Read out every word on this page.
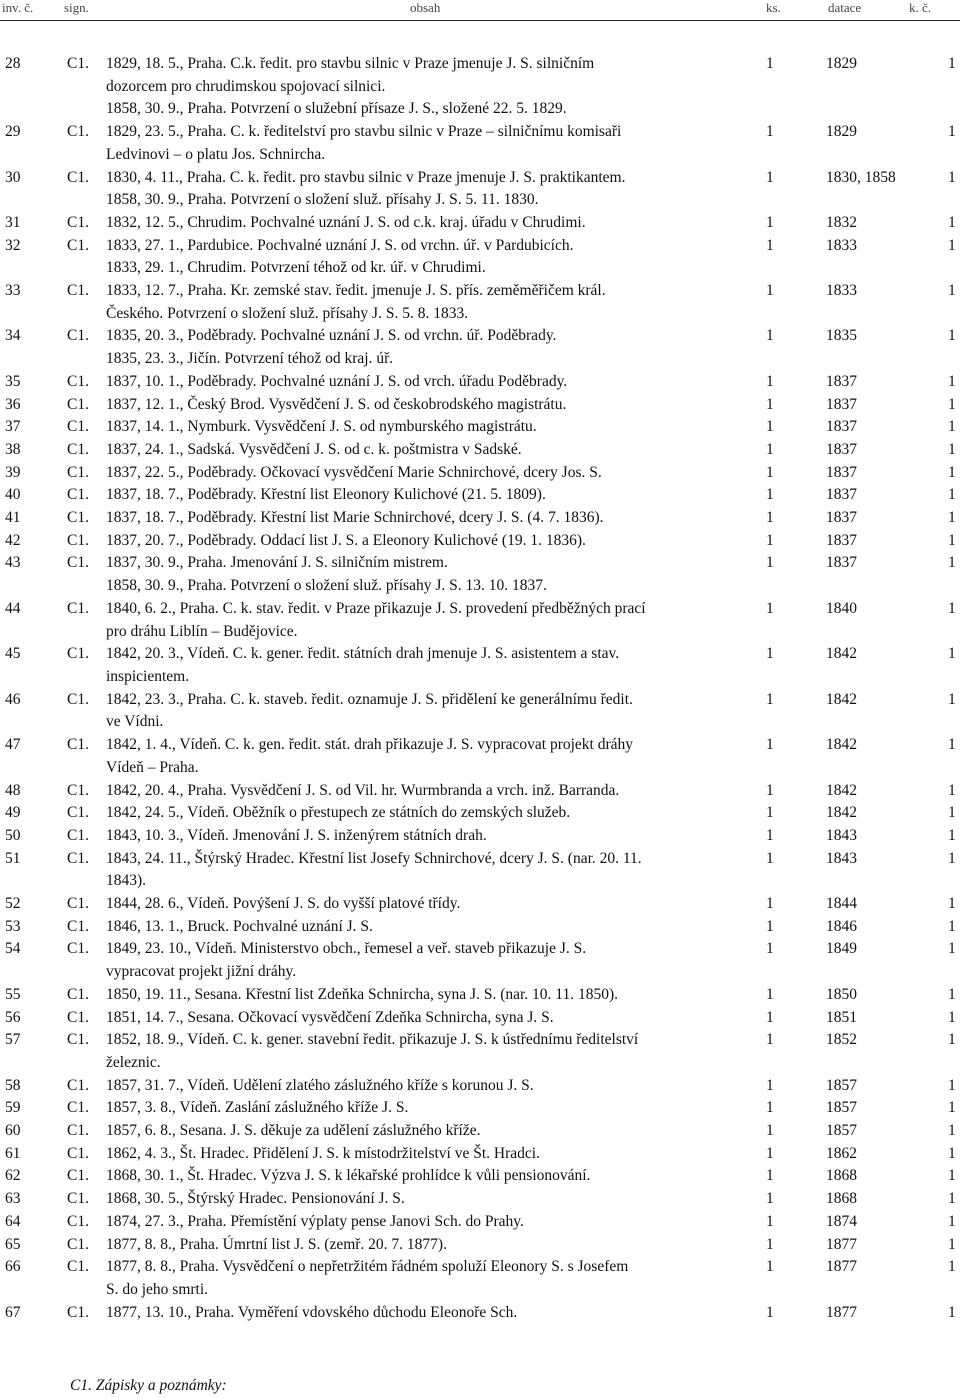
inv. č. sign.	obsah	ks.	datace	k. č.
28	C1. 1829, 18. 5., Praha. C.k. ředit. pro stavbu silnic v Praze jmenuje J. S. silničním
dozorcem pro chrudimskou spojovací silnici.
1858, 30. 9., Praha. Potvrzení o služební přísaze J. S., složené 22. 5. 1829.
1	1829	1
29	C1. 1829, 23. 5., Praha. C. k. ředitelství pro stavbu silnic v Praze – silničnímu komisaři
Ledvinovi – o platu Jos. Schnircha.
1	1829	1
30	C1. 1830, 4. 11., Praha. C. k. ředit. pro stavbu silnic v Praze jmenuje J. S. praktikantem.
1858, 30. 9., Praha. Potvrzení o složení služ. přísahy J. S. 5. 11. 1830.
1	1830, 1858	1
31	C1. 1832, 12. 5., Chrudim. Pochvalné uznání J. S. od c.k. kraj. úřadu v Chrudimi.	1	1832	1
32	C1. 1833, 27. 1., Pardubice. Pochvalné uznání J. S. od vrchn. úř. v Pardubicích.
1833, 29. 1., Chrudim. Potvrzení téhož od kr. úř. v Chrudimi.
1	1833	1
33	C1. 1833, 12. 7., Praha. Kr. zemské stav. ředit. jmenuje J. S. přís. zeměměřičem král.
Českého. Potvrzení o složení služ. přísahy J. S. 5. 8. 1833.
1	1833	1
34	C1. 1835, 20. 3., Poděbrady. Pochvalné uznání J. S. od vrchn. úř. Poděbrady.
1835, 23. 3., Jičín. Potvrzení téhož od kraj. úř.
1	1835	1
35	C1. 1837, 10. 1., Poděbrady. Pochvalné uznání J. S. od vrch. úřadu Poděbrady.	1	1837	1
36	C1. 1837, 12. 1., Český Brod. Vysvědčení J. S. od českobrodského magistrátu.	1	1837	1
37	C1. 1837, 14. 1., Nymburk. Vysvědčení J. S. od nymburského magistrátu.	1	1837	1
38	C1. 1837, 24. 1., Sadská. Vysvědčení J. S. od c. k. poštmistra v Sadské.	1	1837	1
39	C1. 1837, 22. 5., Poděbrady. Očkovací vysvědčení Marie Schnirchové, dcery Jos. S.	1	1837	1
40	C1. 1837, 18. 7., Poděbrady. Křestní list Eleonory Kulichové (21. 5. 1809).	1	1837	1
41	C1. 1837, 18. 7., Poděbrady. Křestní list Marie Schnirchové, dcery J. S. (4. 7. 1836).	1	1837	1
42	C1. 1837, 20. 7., Poděbrady. Oddací list J. S. a Eleonory Kulichové (19. 1. 1836).	1	1837	1
43	C1. 1837, 30. 9., Praha. Jmenování J. S. silničním mistrem.
1858, 30. 9., Praha. Potvrzení o složení služ. přísahy J. S. 13. 10. 1837.
1	1837	1
44	C1. 1840, 6. 2., Praha. C. k. stav. ředit. v Praze přikazuje J. S. provedení předběžných prací
pro dráhu Liblín – Budějovice.
1	1840	1
45	C1. 1842, 20. 3., Vídeň. C. k. gener. ředit. státních drah jmenuje J. S. asistentem a stav.
inspicientem.
1	1842	1
46	C1. 1842, 23. 3., Praha. C. k. staveb. ředit. oznamuje J. S. přidělení ke generálnímu ředit.
ve Vídni.
1	1842	1
47	C1. 1842, 1. 4., Vídeň. C. k. gen. ředit. stát. drah přikazuje J. S. vypracovat projekt dráhy
Vídeň – Praha.
1	1842	1
48	C1. 1842, 20. 4., Praha. Vysvědčení J. S. od Vil. hr. Wurmbranda a vrch. inž. Barranda.	1	1842	1
49	C1. 1842, 24. 5., Vídeň. Oběžník o přestupech ze státních do zemských služeb.	1	1842	1
50	C1. 1843, 10. 3., Vídeň. Jmenování J. S. inženýrem státních drah.	1	1843	1
51	C1. 1843, 24. 11., Štýrský Hradec. Křestní list Josefy Schnirchové, dcery J. S. (nar. 20. 11.
1843).
1	1843	1
52	C1. 1844, 28. 6., Vídeň. Povýšení J. S. do vyšší platové třídy.	1	1844	1
53	C1. 1846, 13. 1., Bruck. Pochvalné uznání J. S.	1	1846	1
54	C1. 1849, 23. 10., Vídeň. Ministerstvo obch., řemesel a veř. staveb přikazuje J. S.
vypracovat projekt jižní dráhy.
1	1849	1
55	C1. 1850, 19. 11., Sesana. Křestní list Zdeňka Schnircha, syna J. S. (nar. 10. 11. 1850).	1	1850	1
56	C1. 1851, 14. 7., Sesana. Očkovací vysvědčení Zdeňka Schnircha, syna J. S.	1	1851	1
57	C1. 1852, 18. 9., Vídeň. C. k. gener. stavební ředit. přikazuje J. S. k ústřednímu ředitelství
železnic.
1	1852	1
58	C1. 1857, 31. 7., Vídeň. Udělení zlatého záslužného kříže s korunou J. S.	1	1857	1
59	C1. 1857, 3. 8., Vídeň. Zaslání záslužného kříže J. S.	1	1857	1
60	C1. 1857, 6. 8., Sesana. J. S. děkuje za udělení záslužného kříže.	1	1857	1
61	C1. 1862, 4. 3., Št. Hradec. Přidělení J. S. k místodržitelství ve Št. Hradci.	1	1862	1
62	C1. 1868, 30. 1., Št. Hradec. Výzva J. S. k lékařské prohlídce k vůli pensionování.	1	1868	1
63	C1. 1868, 30. 5., Štýrský Hradec. Pensionování J. S.	1	1868	1
64	C1. 1874, 27. 3., Praha. Přemístění výplaty pense Janovi Sch. do Prahy.	1	1874	1
65	C1. 1877, 8. 8., Praha. Úmrtní list J. S. (zemř. 20. 7. 1877).	1	1877	1
66	C1. 1877, 8. 8., Praha. Vysvědčení o nepřetržitém řádném spoluží Eleonory S. s Josefem
S. do jeho smrti.
1	1877	1
67	C1. 1877, 13. 10., Praha. Vyměření vdovského důchodu Eleonoře Sch.	1	1877	1
C1. Zápisky a poznámky:
